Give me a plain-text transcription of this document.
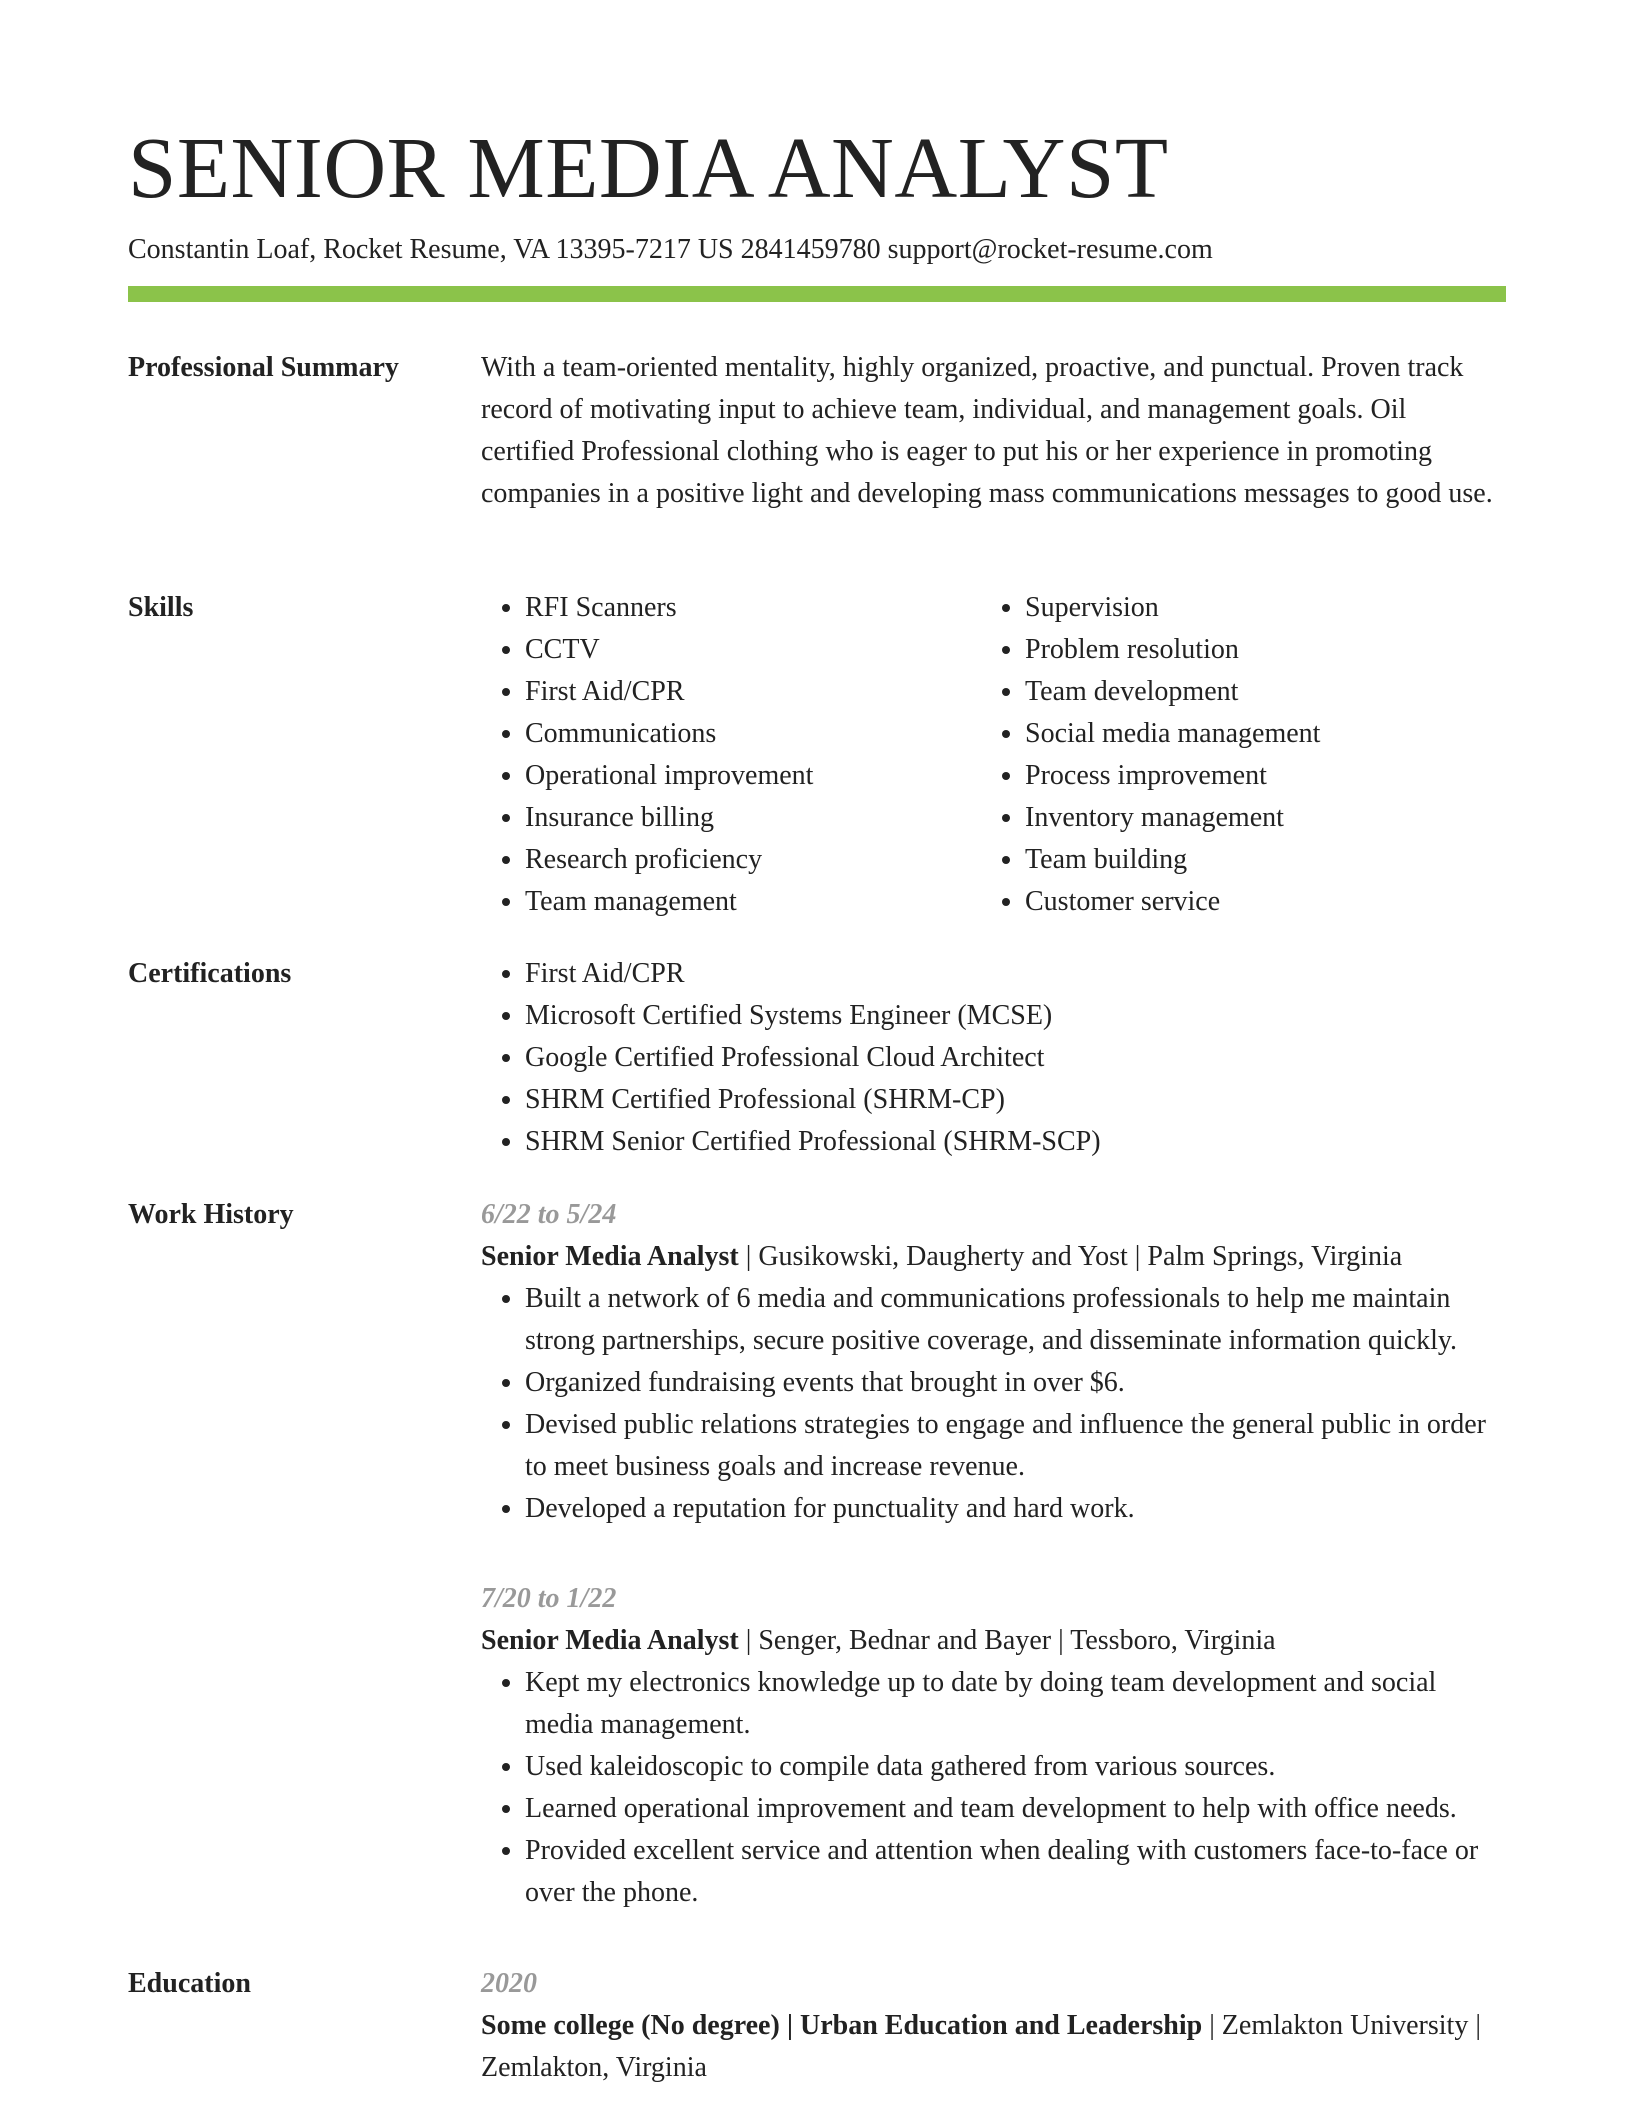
SENIOR MEDIA ANALYST
Constantin Loaf, Rocket Resume, VA 13395-7217 US 2841459780 support@rocket-resume.com
Professional Summary	With a team-oriented mentality, highly organized, proactive, and punctual. Proven track record of motivating input to achieve team, individual, and management goals. Oil certified Professional clothing who is eager to put his or her experience in promoting companies in a positive light and developing mass communications messages to good use.

Skills	• RFI Scanners
• CCTV
• First Aid/CPR
• Communications
• Operational improvement
• Insurance billing
• Research proficiency
• Team management
• Supervision
• Problem resolution
• Team development
• Social media management
• Process improvement
• Inventory management
• Team building
• Customer service
Certifications	• First Aid/CPR
• Microsoft Certified Systems Engineer (MCSE)
• Google Certified Professional Cloud Architect
• SHRM Certified Professional (SHRM-CP)
• SHRM Senior Certified Professional (SHRM-SCP)
Work History	6/22 to 5/24
Senior Media Analyst | Gusikowski, Daugherty and Yost | Palm Springs, Virginia
• Built a network of 6 media and communications professionals to help me maintain strong partnerships, secure positive coverage, and disseminate information quickly.
• Organized fundraising events that brought in over $6.
• Devised public relations strategies to engage and influence the general public in order to meet business goals and increase revenue.
• Developed a reputation for punctuality and hard work.
7/20 to 1/22
Senior Media Analyst | Senger, Bednar and Bayer | Tessboro, Virginia
• Kept my electronics knowledge up to date by doing team development and social media management.
• Used kaleidoscopic to compile data gathered from various sources.
• Learned operational improvement and team development to help with office needs.
• Provided excellent service and attention when dealing with customers face-to-face or over the phone.
Education	2020
Some college (No degree) | Urban Education and Leadership | Zemlakton University | Zemlakton, Virginia
